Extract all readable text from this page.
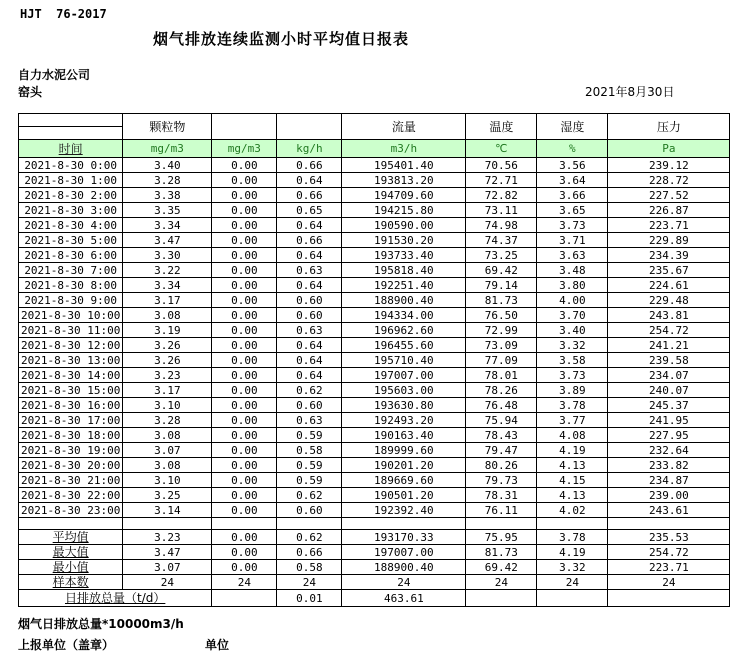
HJT  76-2017
烟气排放连续监测小时平均值日报表
自力水泥公司
窑头	2021年8月30日
	颗粒物			流量	温度	湿度	压力

时间	mg/m3	mg/m3	kg/h	m3/h	℃	%	Pa
2021-8-30 0:00	3.40	0.00	0.66	195401.40	70.56	3.56	239.12
2021-8-30 1:00	3.28	0.00	0.64	193813.20	72.71	3.64	228.72
2021-8-30 2:00	3.38	0.00	0.66	194709.60	72.82	3.66	227.52
2021-8-30 3:00	3.35	0.00	0.65	194215.80	73.11	3.65	226.87
2021-8-30 4:00	3.34	0.00	0.64	190590.00	74.98	3.73	223.71
2021-8-30 5:00	3.47	0.00	0.66	191530.20	74.37	3.71	229.89
2021-8-30 6:00	3.30	0.00	0.64	193733.40	73.25	3.63	234.39
2021-8-30 7:00	3.22	0.00	0.63	195818.40	69.42	3.48	235.67
2021-8-30 8:00	3.34	0.00	0.64	192251.40	79.14	3.80	224.61
2021-8-30 9:00	3.17	0.00	0.60	188900.40	81.73	4.00	229.48
2021-8-30 10:00	3.08	0.00	0.60	194334.00	76.50	3.70	243.81
2021-8-30 11:00	3.19	0.00	0.63	196962.60	72.99	3.40	254.72
2021-8-30 12:00	3.26	0.00	0.64	196455.60	73.09	3.32	241.21
2021-8-30 13:00	3.26	0.00	0.64	195710.40	77.09	3.58	239.58
2021-8-30 14:00	3.23	0.00	0.64	197007.00	78.01	3.73	234.07
2021-8-30 15:00	3.17	0.00	0.62	195603.00	78.26	3.89	240.07
2021-8-30 16:00	3.10	0.00	0.60	193630.80	76.48	3.78	245.37
2021-8-30 17:00	3.28	0.00	0.63	192493.20	75.94	3.77	241.95
2021-8-30 18:00	3.08	0.00	0.59	190163.40	78.43	4.08	227.95
2021-8-30 19:00	3.07	0.00	0.58	189999.60	79.47	4.19	232.64
2021-8-30 20:00	3.08	0.00	0.59	190201.20	80.26	4.13	233.82
2021-8-30 21:00	3.10	0.00	0.59	189669.60	79.73	4.15	234.87
2021-8-30 22:00	3.25	0.00	0.62	190501.20	78.31	4.13	239.00
2021-8-30 23:00	3.14	0.00	0.60	192392.40	76.11	4.02	243.61

平均值	3.23	0.00	0.62	193170.33	75.95	3.78	235.53
最大值	3.47	0.00	0.66	197007.00	81.73	4.19	254.72
最小值	3.07	0.00	0.58	188900.40	69.42	3.32	223.71
样本数	24	24	24	24	24	24	24
日排放总量（t/d）			0.01	463.61			
烟气日排放总量*10000m3/h
上报单位（盖章）	单位
